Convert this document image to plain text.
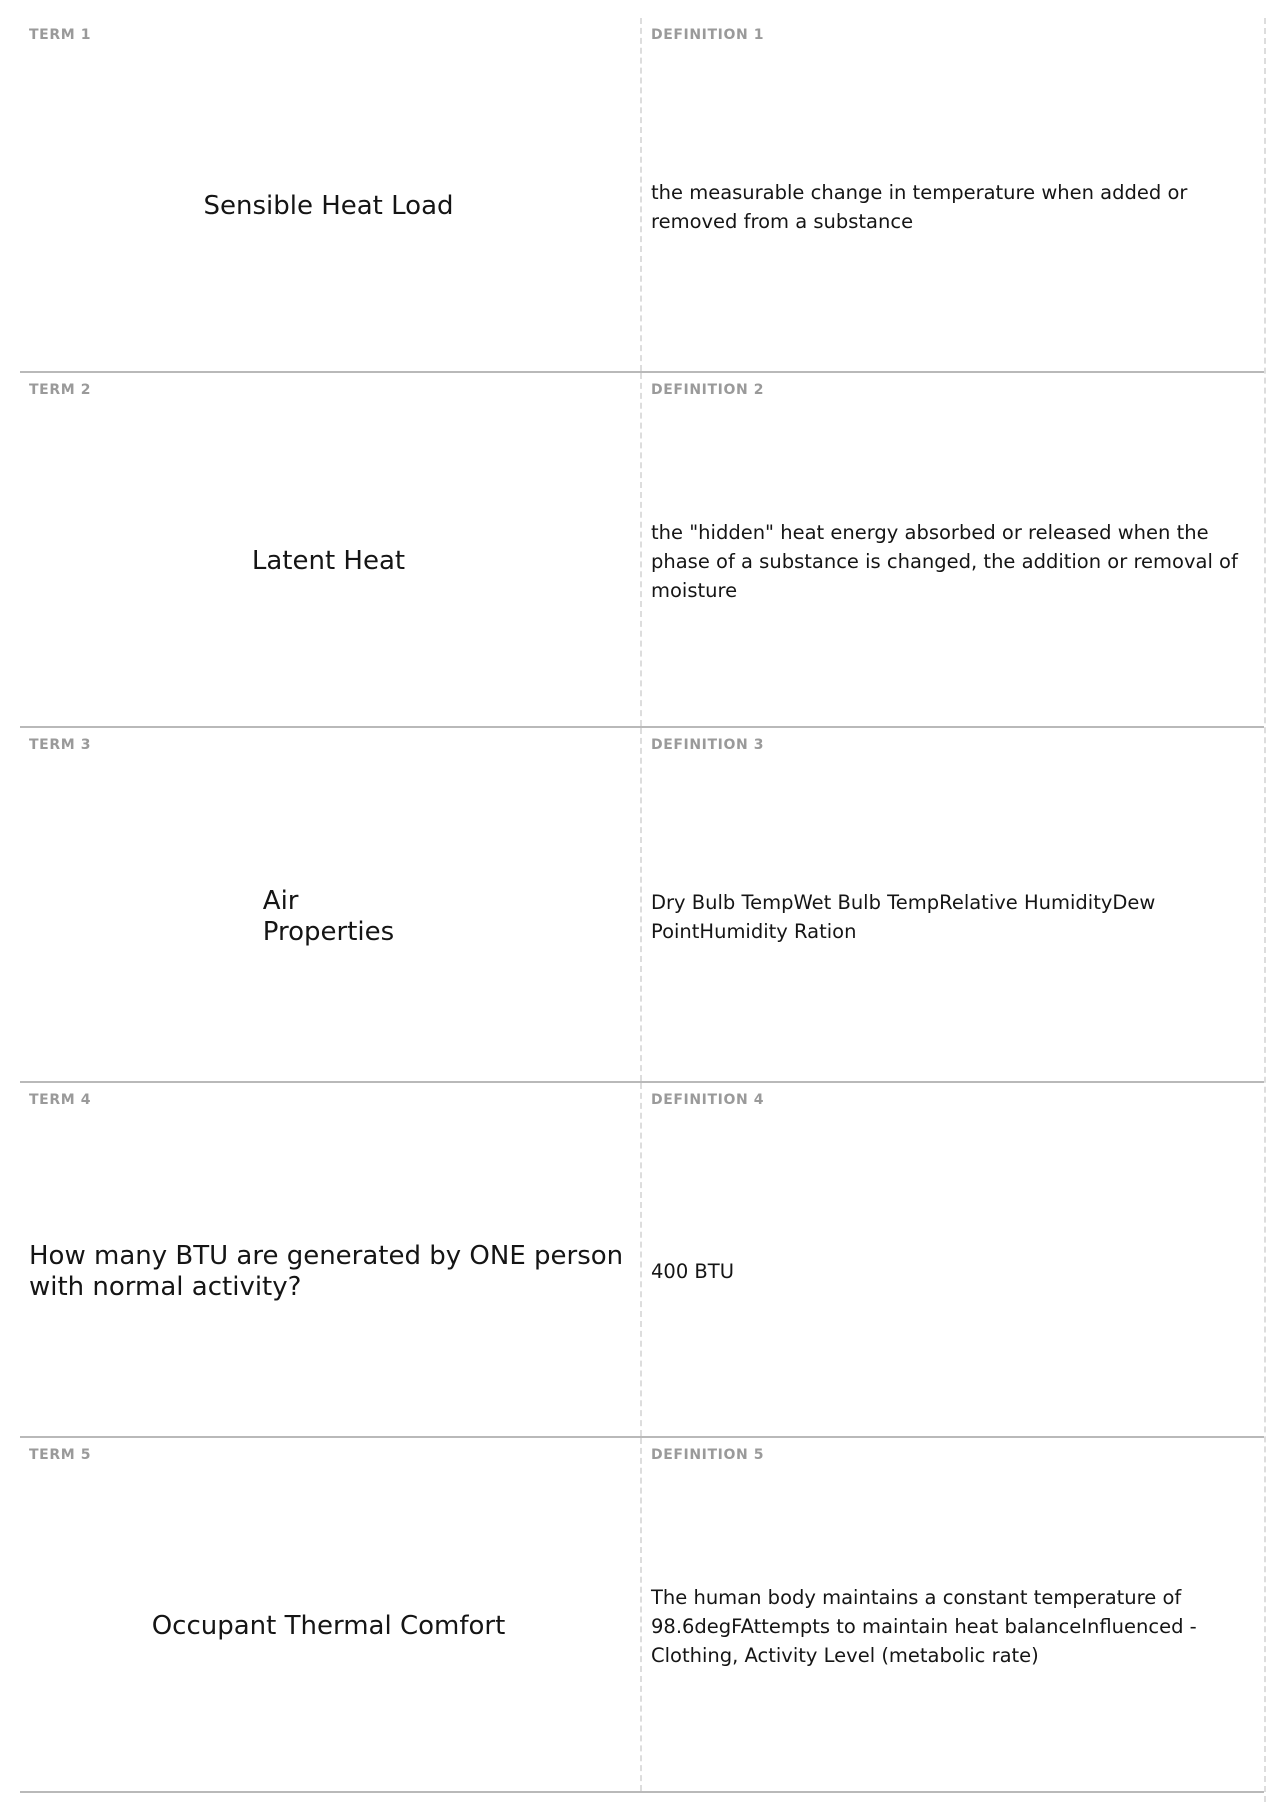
TERM 1
Sensible Heat Load
DEFINITION 1
the measurable change in temperature when added or removed from a substance
TERM 2
Latent Heat
DEFINITION 2
the "hidden" heat energy absorbed or released when the phase of a substance is changed, the addition or removal of moisture
TERM 3
Air
Properties
DEFINITION 3
Dry Bulb TempWet Bulb TempRelative HumidityDew PointHumidity Ration
TERM 4
How many BTU are generated by ONE person with normal activity?
DEFINITION 4
400 BTU
TERM 5
Occupant Thermal Comfort
DEFINITION 5
The human body maintains a constant temperature of 98.6degFAttempts to maintain heat balanceInfluenced - Clothing, Activity Level (metabolic rate)
